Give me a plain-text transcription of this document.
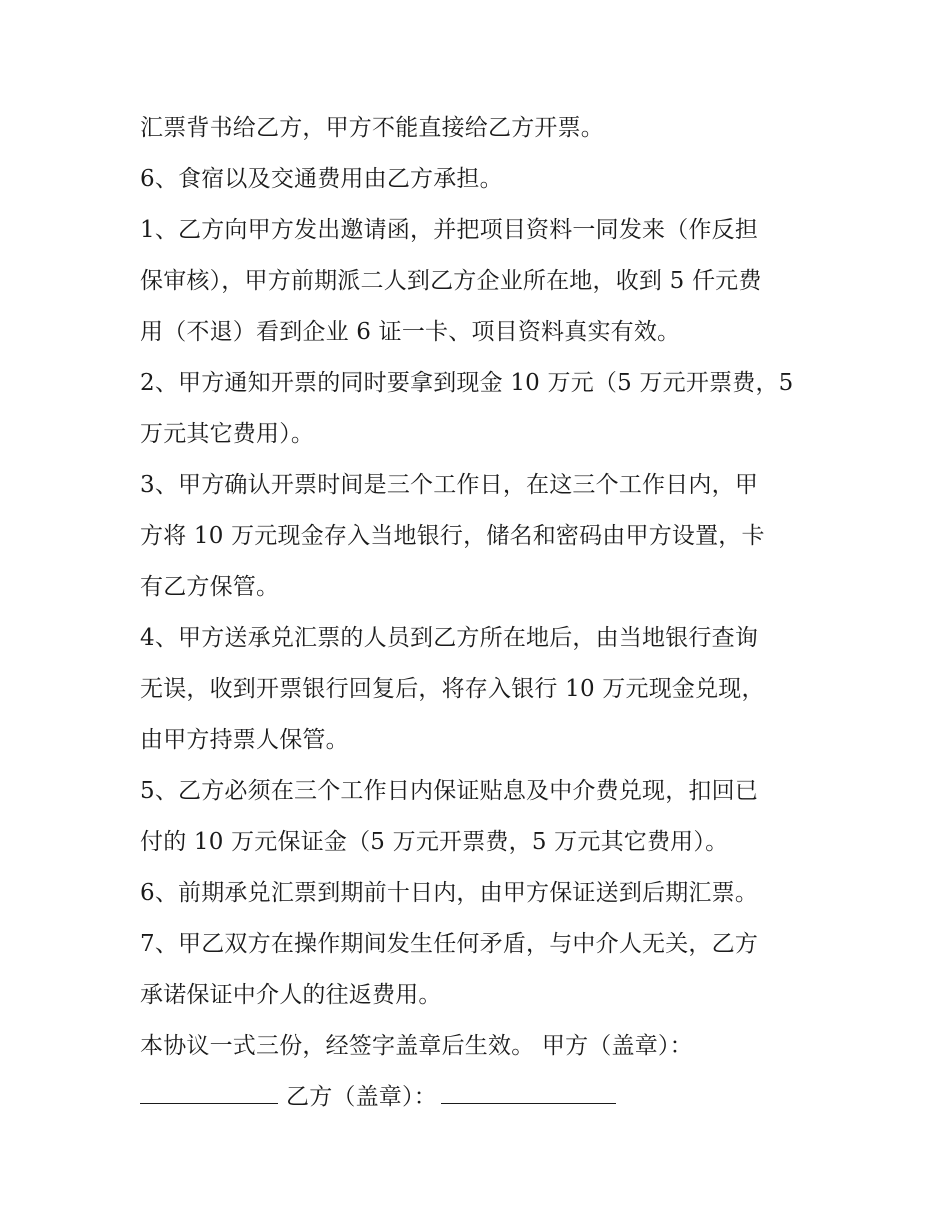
汇票背书给乙方，甲方不能直接给乙方开票。
6、食宿以及交通费用由乙方承担。
1、乙方向甲方发出邀请函，并把项目资料一同发来（作反担
保审核），甲方前期派二人到乙方企业所在地，收到 5 仟元费
用（不退）看到企业 6 证一卡、项目资料真实有效。
2、甲方通知开票的同时要拿到现金 10 万元（5 万元开票费，5
万元其它费用）。
3、甲方确认开票时间是三个工作日，在这三个工作日内，甲
方将 10 万元现金存入当地银行，储名和密码由甲方设置，卡
有乙方保管。
4、甲方送承兑汇票的人员到乙方所在地后，由当地银行查询
无误，收到开票银行回复后，将存入银行 10 万元现金兑现，
由甲方持票人保管。
5、乙方必须在三个工作日内保证贴息及中介费兑现，扣回已
付的 10 万元保证金（5 万元开票费，5 万元其它费用）。
6、前期承兑汇票到期前十日内，由甲方保证送到后期汇票。
7、甲乙双方在操作期间发生任何矛盾，与中介人无关，乙方
承诺保证中介人的往返费用。
本协议一式三份，经签字盖章后生效。 甲方（盖章）：
乙方（盖章）：
